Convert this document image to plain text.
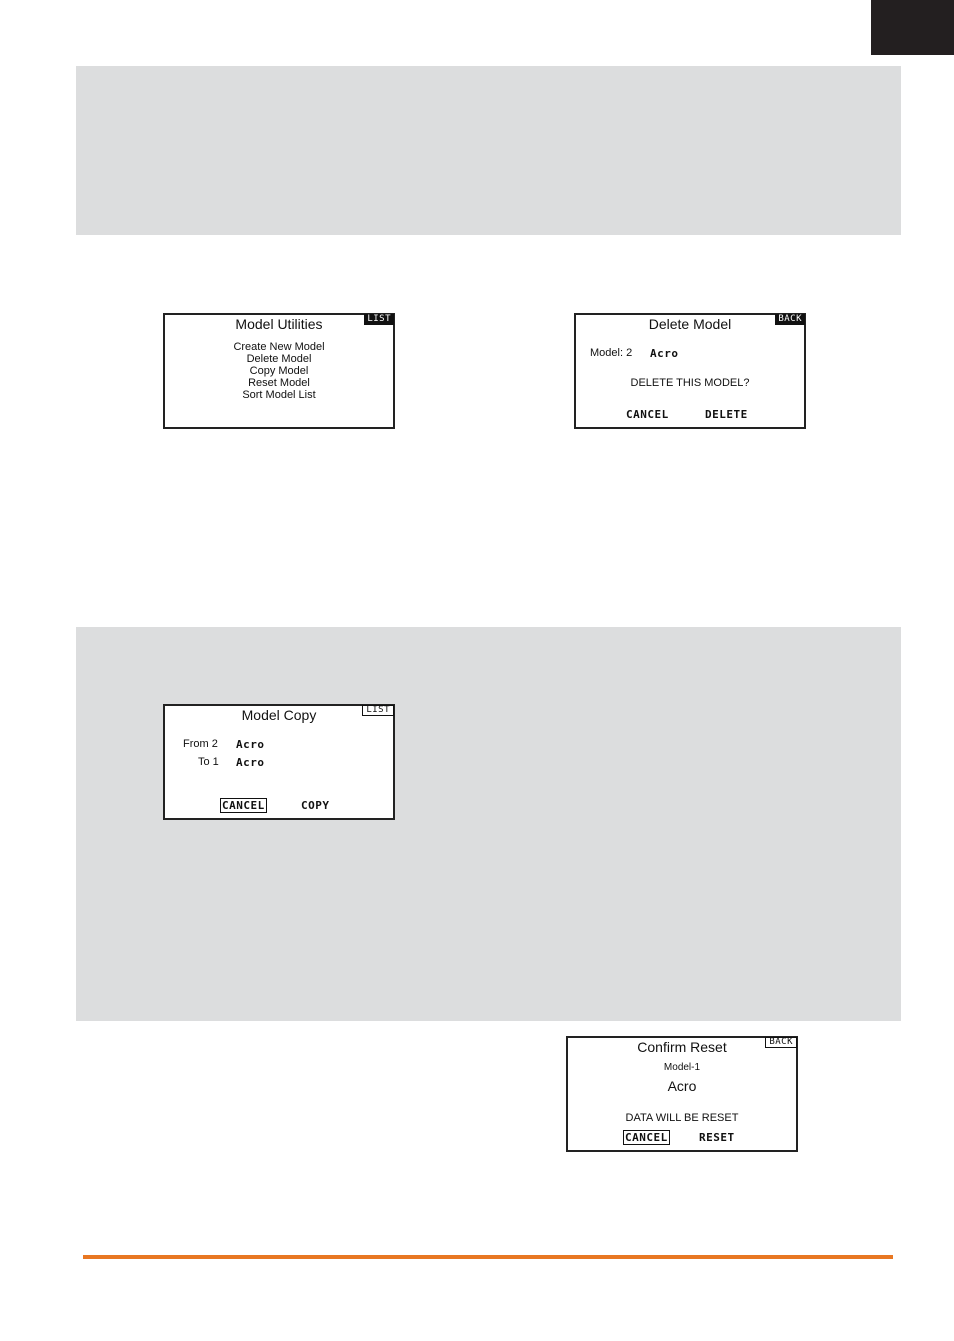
LIST
Model Utilities
Create New Model
Delete Model
Copy Model
Reset Model
Sort Model List
BACK
Delete Model
Model: 2 Acro
DELETE THIS MODEL?
CANCEL	DELETE
LIST
Model Copy
From 2 Acro
To 1 Acro
CANCEL	COPY
BACK
Confirm Reset
Model-1
Acro
DATA WILL BE RESET
CANCEL	RESET
